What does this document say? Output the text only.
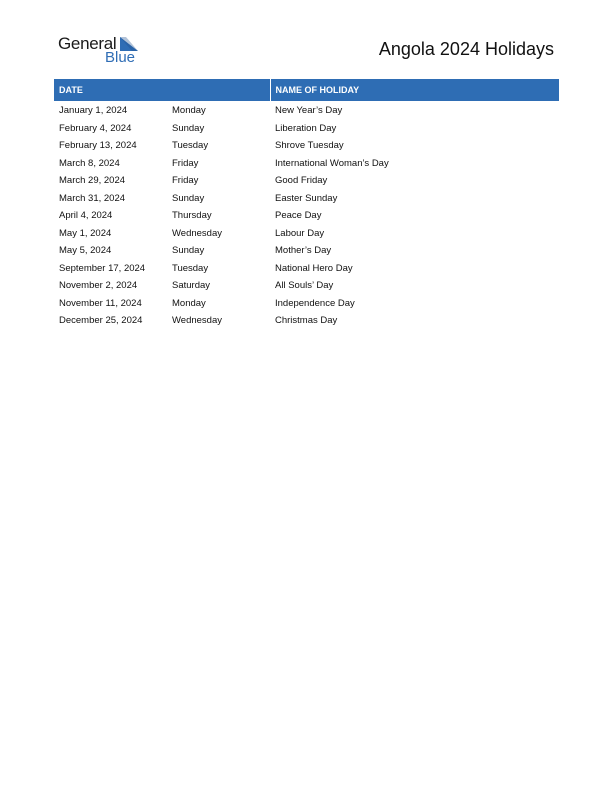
General
Blue	Angola 2024 Holidays
DATE		NAME OF HOLIDAY
January 1, 2024	Monday	New Year’s Day
February 4, 2024	Sunday	Liberation Day
February 13, 2024	Tuesday	Shrove Tuesday
March 8, 2024	Friday	International Woman’s Day
March 29, 2024	Friday	Good Friday
March 31, 2024	Sunday	Easter Sunday
April 4, 2024	Thursday	Peace Day
May 1, 2024	Wednesday	Labour Day
May 5, 2024	Sunday	Mother’s Day
September 17, 2024	Tuesday	National Hero Day
November 2, 2024	Saturday	All Souls’ Day
November 11, 2024	Monday	Independence Day
December 25, 2024	Wednesday	Christmas Day
